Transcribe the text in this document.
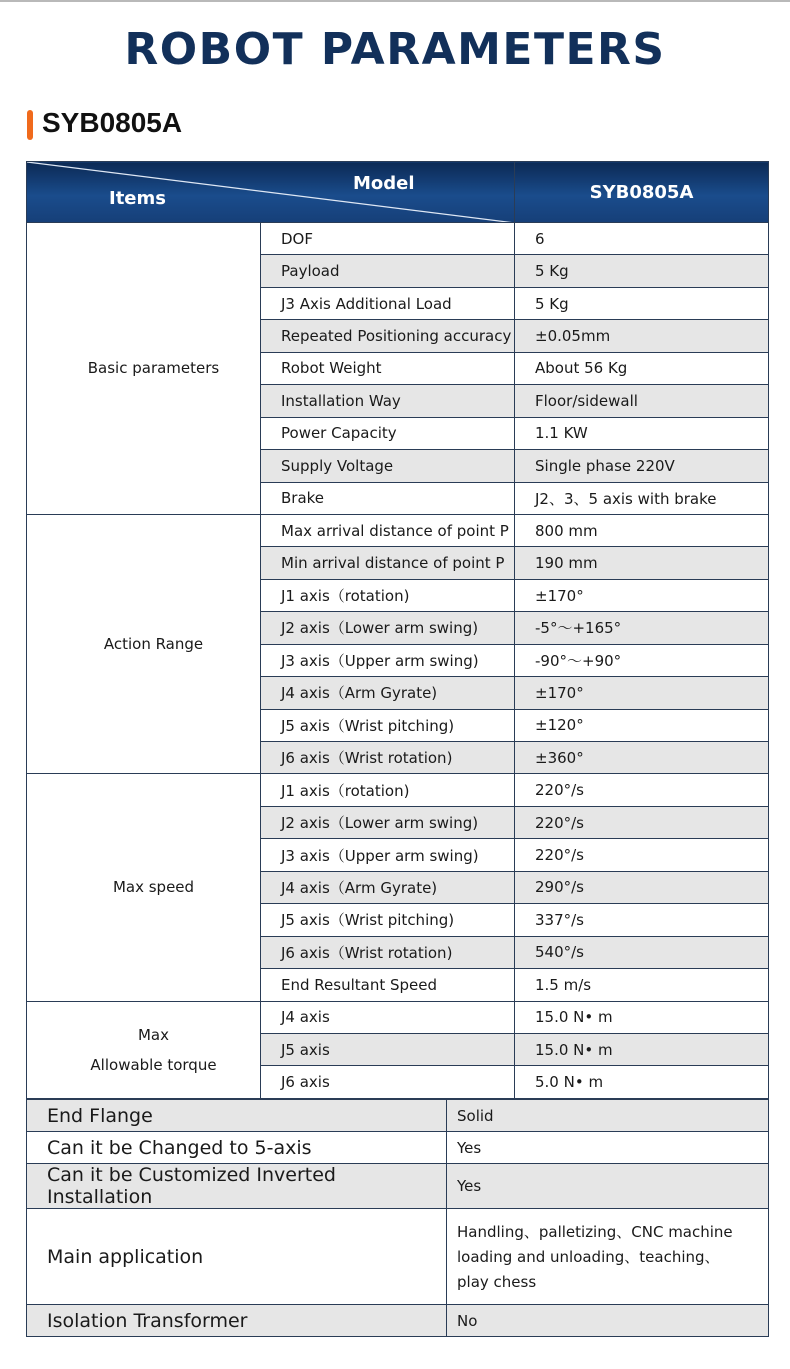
ROBOT PARAMETERS
SYB0805A
Items
Model		SYB0805A
Basic parameters	DOF	6
	Payload	5 Kg
	J3 Axis Additional Load	5 Kg
	Repeated Positioning accuracy	±0.05mm
	Robot Weight	About 56 Kg
	Installation Way	Floor/sidewall
	Power Capacity	1.1 KW
	Supply Voltage	Single phase 220V
	Brake	J2、3、5 axis with brake
Action Range	Max arrival distance of point P	800 mm
	Min arrival distance of point P	190 mm
	J1 axis（rotation)	±170°
	J2 axis（Lower arm swing)	-5°～+165°
	J3 axis（Upper arm swing)	-90°～+90°
	J4 axis（Arm Gyrate)	±170°
	J5 axis（Wrist pitching)	±120°
	J6 axis（Wrist rotation)	±360°
Max speed	J1 axis（rotation)	220°/s
	J2 axis（Lower arm swing)	220°/s
	J3 axis（Upper arm swing)	220°/s
	J4 axis（Arm Gyrate)	290°/s
	J5 axis（Wrist pitching)	337°/s
	J6 axis（Wrist rotation)	540°/s
	End Resultant Speed	1.5 m/s

Max
Allowable torque	J4 axis	15.0 N• m
	J5 axis	15.0 N• m
	J6 axis	5.0 N• m
End Flange	Solid
Can it be Changed to 5-axis	Yes
Can it be Customized Inverted Installation	Yes
Main application	Handling、palletizing、CNC machine
loading and unloading、teaching、
play chess

Isolation Transformer	No
